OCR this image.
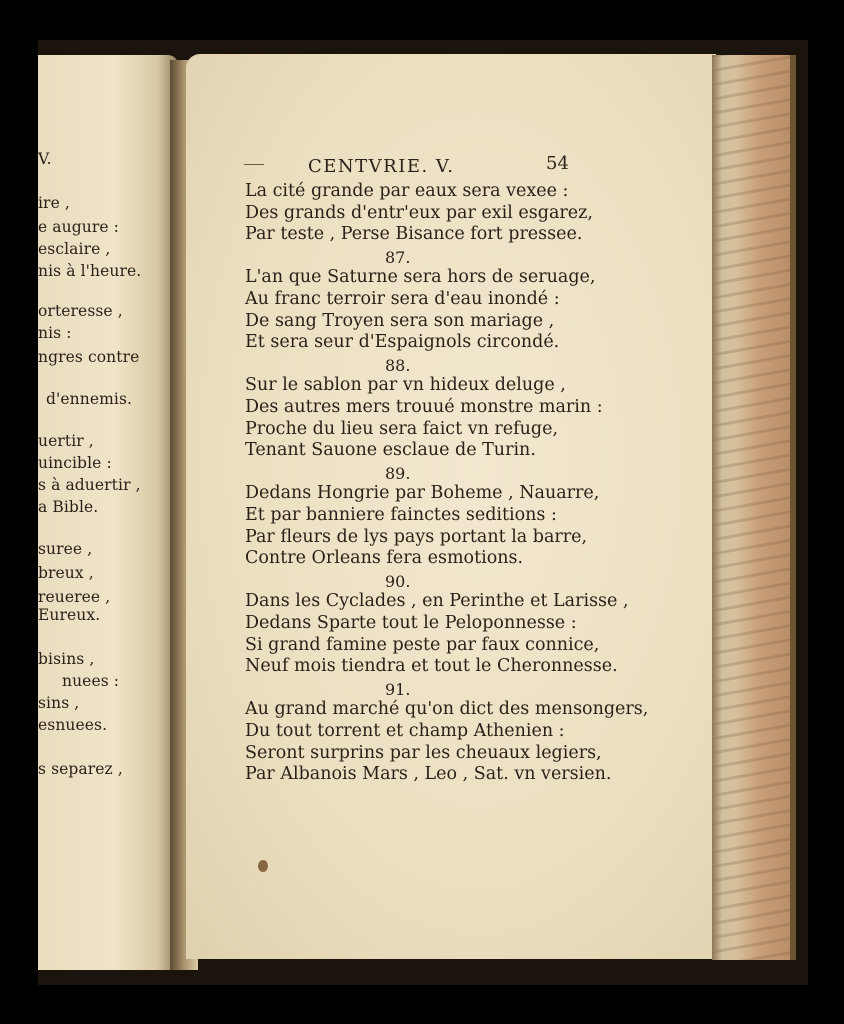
V.
ire ,
e augure :
esclaire ,
nis à l'heure.
orteresse ,
nis :
ngres contre
d'ennemis.
uertir ,
uincible :
s à aduertir ,
a Bible.
suree ,
breux ,
reueree ,
Eureux.
bisins ,
nuees :
sins ,
esnuees.
s separez ,
CENTVRIE. V.	54
La cité grande par eaux sera vexee :
Des grands d'entr'eux par exil esgarez,
Par teste , Perse Bisance fort pressee.
87.
L'an que Saturne sera hors de seruage,
Au franc terroir sera d'eau inondé :
De sang Troyen sera son mariage ,
Et sera seur d'Espaignols circondé.
88.
Sur le sablon par vn hideux deluge ,
Des autres mers trouué monstre marin :
Proche du lieu sera faict vn refuge,
Tenant Sauone esclaue de Turin.
89.
Dedans Hongrie par Boheme , Nauarre,
Et par banniere fainctes seditions :
Par fleurs de lys pays portant la barre,
Contre Orleans fera esmotions.
90.
Dans les Cyclades , en Perinthe et Larisse ,
Dedans Sparte tout le Peloponnesse :
Si grand famine peste par faux connice,
Neuf mois tiendra et tout le Cheronnesse.
91.
Au grand marché qu'on dict des mensongers,
Du tout torrent et champ Athenien :
Seront surprins par les cheuaux legiers,
Par Albanois Mars , Leo , Sat. vn versien.
